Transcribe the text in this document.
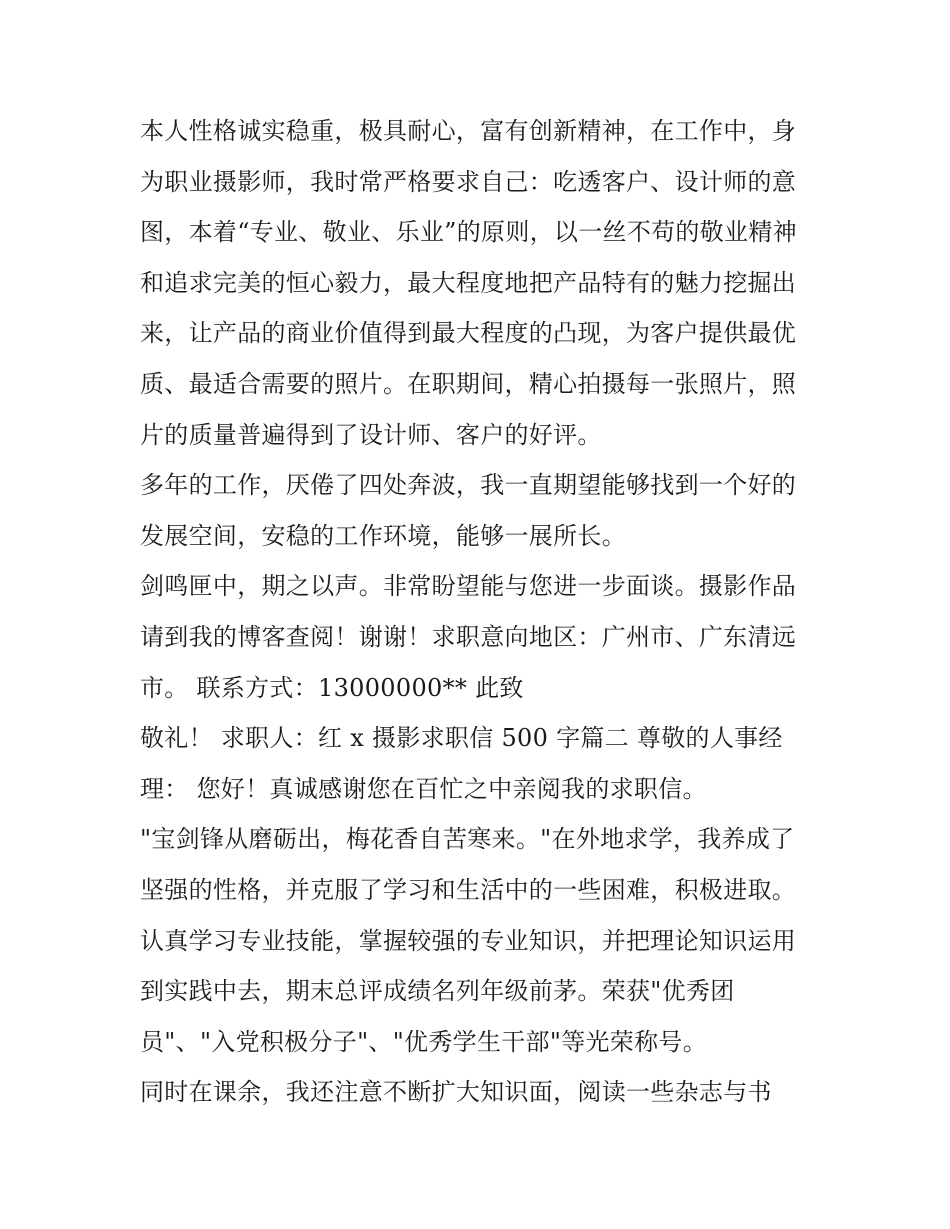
本人性格诚实稳重，极具耐心，富有创新精神，在工作中，身
为职业摄影师，我时常严格要求自己：吃透客户、设计师的意
图，本着“专业、敬业、乐业”的原则，以一丝不苟的敬业精神
和追求完美的恒心毅力，最大程度地把产品特有的魅力挖掘出
来，让产品的商业价值得到最大程度的凸现，为客户提供最优
质、最适合需要的照片。在职期间，精心拍摄每一张照片，照
片的质量普遍得到了设计师、客户的好评。
多年的工作，厌倦了四处奔波，我一直期望能够找到一个好的
发展空间，安稳的工作环境，能够一展所长。
剑鸣匣中，期之以声。非常盼望能与您进一步面谈。摄影作品
请到我的博客查阅！谢谢！求职意向地区：广州市、广东清远
市。 联系方式：13000000** 此致
敬礼！ 求职人：红 x 摄影求职信 500 字篇二 尊敬的人事经
理： 您好！真诚感谢您在百忙之中亲阅我的求职信。
"宝剑锋从磨砺出，梅花香自苦寒来。"在外地求学，我养成了
坚强的性格，并克服了学习和生活中的一些困难，积极进取。
认真学习专业技能，掌握较强的专业知识，并把理论知识运用
到实践中去，期末总评成绩名列年级前茅。荣获"优秀团
员"、"入党积极分子"、"优秀学生干部"等光荣称号。
同时在课余，我还注意不断扩大知识面，阅读一些杂志与书
